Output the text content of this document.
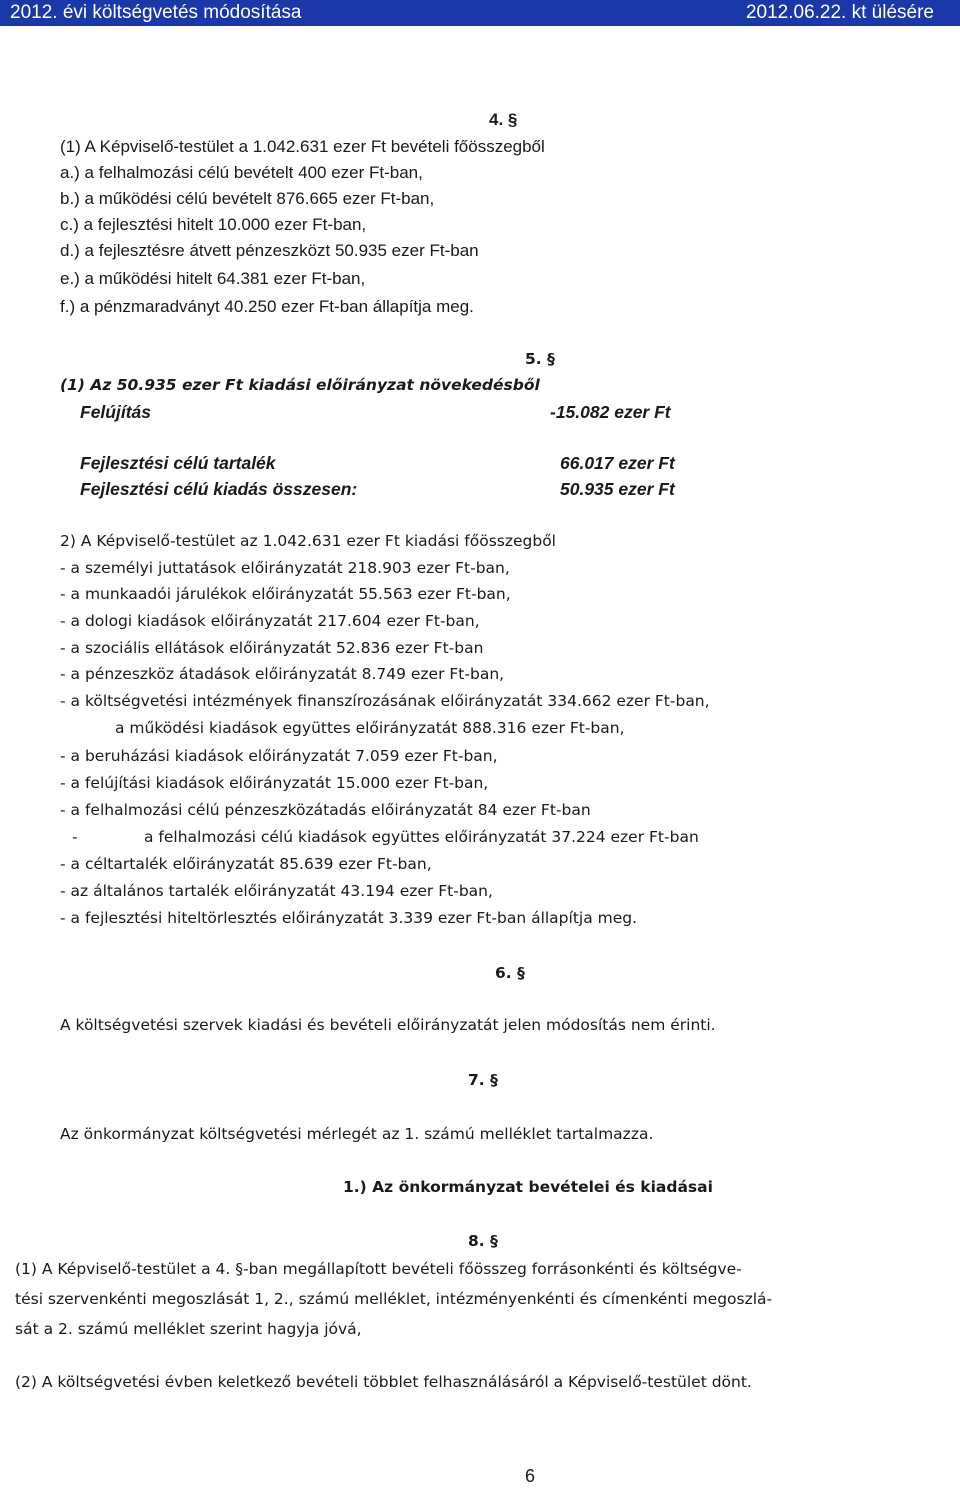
2012. évi költségvetés módosítása	2012.06.22. kt ülésére
4. §
(1) A Képviselő-testület a 1.042.631 ezer Ft bevételi főösszegből
a.) a felhalmozási célú bevételt 400 ezer Ft-ban,
b.) a működési célú bevételt 876.665 ezer Ft-ban,
c.) a fejlesztési hitelt 10.000 ezer Ft-ban,
d.) a fejlesztésre átvett pénzeszközt 50.935 ezer Ft-ban
e.) a működési hitelt 64.381 ezer Ft-ban,
f.) a pénzmaradványt 40.250 ezer Ft-ban állapítja meg.
5. §
(1) Az 50.935 ezer Ft kiadási előirányzat növekedésből
Felújítás	-15.082 ezer Ft
Fejlesztési célú tartalék	66.017 ezer Ft
Fejlesztési célú kiadás összesen:	50.935 ezer Ft
2) A Képviselő-testület az 1.042.631 ezer Ft kiadási főösszegből
- a személyi juttatások előirányzatát 218.903 ezer Ft-ban,
- a munkaadói járulékok előirányzatát 55.563 ezer Ft-ban,
- a dologi kiadások előirányzatát 217.604 ezer Ft-ban,
- a szociális ellátások előirányzatát 52.836 ezer Ft-ban
- a pénzeszköz átadások előirányzatát 8.749 ezer Ft-ban,
- a költségvetési intézmények finanszírozásának előirányzatát 334.662 ezer Ft-ban,
a működési kiadások együttes előirányzatát 888.316 ezer Ft-ban,
- a beruházási kiadások előirányzatát 7.059 ezer Ft-ban,
- a felújítási kiadások előirányzatát 15.000 ezer Ft-ban,
- a felhalmozási célú pénzeszközátadás előirányzatát 84 ezer Ft-ban
-	a felhalmozási célú kiadások együttes előirányzatát 37.224 ezer Ft-ban
- a céltartalék előirányzatát 85.639 ezer Ft-ban,
- az általános tartalék előirányzatát 43.194 ezer Ft-ban,
- a fejlesztési hiteltörlesztés előirányzatát 3.339 ezer Ft-ban állapítja meg.
6. §
A költségvetési szervek kiadási és bevételi előirányzatát jelen módosítás nem érinti.
7. §
Az önkormányzat költségvetési mérlegét az 1. számú melléklet tartalmazza.
1.) Az önkormányzat bevételei és kiadásai
8. §
(1) A Képviselő-testület a 4. §-ban megállapított bevételi főösszeg forrásonkénti és költségve-
tési szervenkénti megoszlását 1, 2., számú melléklet, intézményenkénti és címenkénti megoszlá-
sát a 2. számú melléklet szerint hagyja jóvá,
(2) A költségvetési évben keletkező bevételi többlet felhasználásáról a Képviselő-testület dönt.
6
